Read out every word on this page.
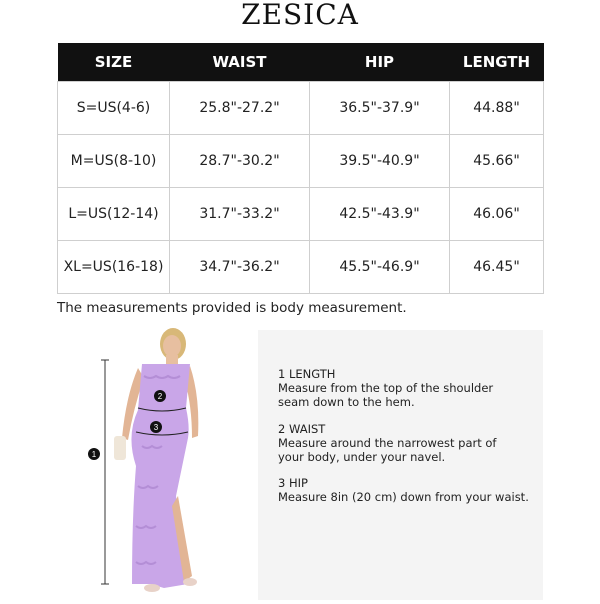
ZESICA
SIZE	WAIST	HIP	LENGTH
S=US(4-6)	25.8"-27.2"	36.5"-37.9"	44.88"
M=US(8-10)	28.7"-30.2"	39.5"-40.9"	45.66"
L=US(12-14)	31.7"-33.2"	42.5"-43.9"	46.06"
XL=US(16-18)	34.7"-36.2"	45.5"-46.9"	46.45"
The measurements provided is body measurement.
1
2
3
1 LENGTH
Measure from the top of the shoulder
seam down to the hem.
2 WAIST
Measure around the narrowest part of
your body, under your navel.
3 HIP
Measure 8in (20 cm) down from your waist.
